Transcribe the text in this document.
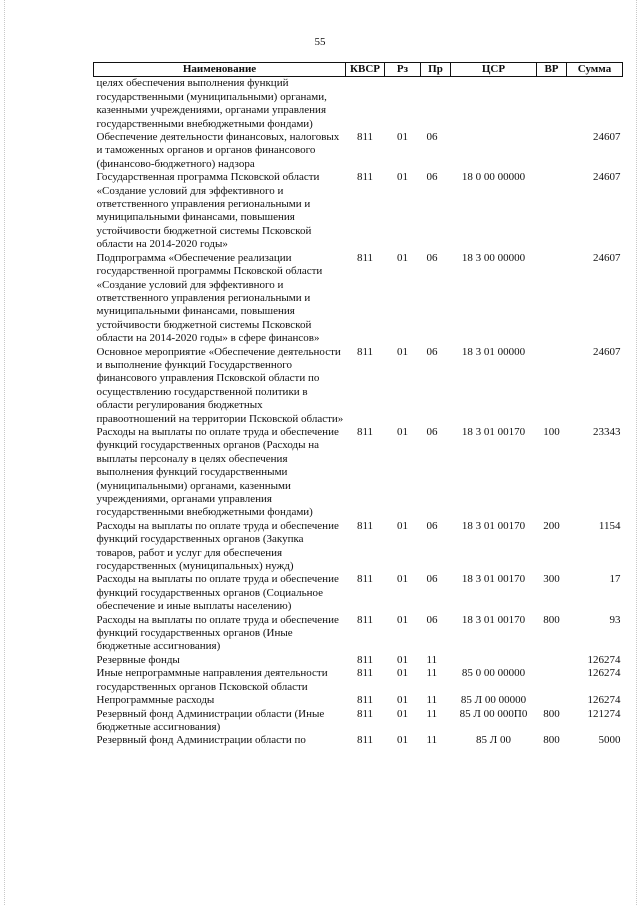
55
Наименование	КВСР	Рз	Пр	ЦСР	ВР	Сумма
целях обеспечения выполнения функций государственными (муниципальными) органами, казенными учреждениями, органами управления государственными внебюджетными фондами)						
Обеспечение деятельности финансовых, налоговых и таможенных органов и органов финансового (финансово-бюджетного) надзора	811	01	06			24607
Государственная программа Псковской области «Создание условий для эффективного и ответственного управления региональными и муниципальными финансами, повышения устойчивости бюджетной системы Псковской области на 2014-2020 годы»	811	01	06	18 0 00 00000		24607
Подпрограмма «Обеспечение реализации государственной программы Псковской области «Создание условий для эффективного и ответственного управления региональными и муниципальными финансами, повышения устойчивости бюджетной системы Псковской области на 2014-2020 годы» в сфере финансов»	811	01	06	18 3 00 00000		24607
Основное мероприятие «Обеспечение деятельности и выполнение функций Государственного финансового управления Псковской области по осуществлению государственной политики в области регулирования бюджетных правоотношений на территории Псковской области»	811	01	06	18 3 01 00000		24607
Расходы на выплаты по оплате труда и обеспечение функций государственных органов (Расходы на выплаты персоналу в целях обеспечения выполнения функций государственными (муниципальными) органами, казенными учреждениями, органами управления государственными внебюджетными фондами)	811	01	06	18 3 01 00170	100	23343
Расходы на выплаты по оплате труда и обеспечение функций государственных органов (Закупка товаров, работ и услуг для обеспечения государственных (муниципальных) нужд)	811	01	06	18 3 01 00170	200	1154
Расходы на выплаты по оплате труда и обеспечение функций государственных органов (Социальное обеспечение и иные выплаты населению)	811	01	06	18 3 01 00170	300	17
Расходы на выплаты по оплате труда и обеспечение функций государственных органов (Иные бюджетные ассигнования)	811	01	06	18 3 01 00170	800	93
Резервные фонды	811	01	11			126274
Иные непрограммные направления деятельности государственных органов Псковской области	811	01	11	85 0 00 00000		126274
Непрограммные расходы	811	01	11	85 Л 00 00000		126274
Резервный фонд Администрации области (Иные бюджетные ассигнования)	811	01	11	85 Л 00 000П0	800	121274
Резервный фонд Администрации области по	811	01	11	85 Л 00	800	5000
